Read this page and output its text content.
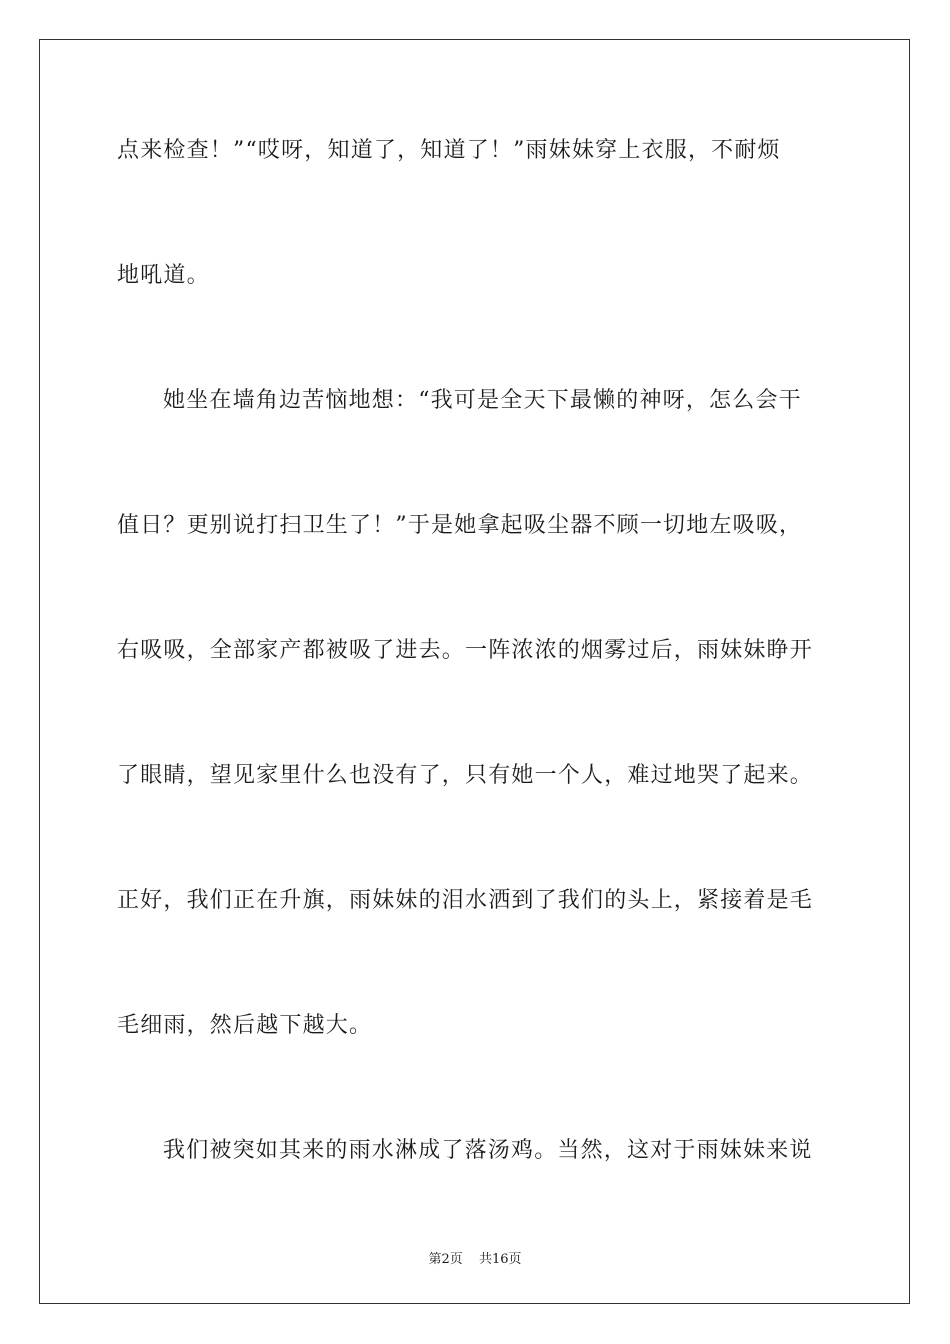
点来检查！”“哎呀，知道了，知道了！”雨妹妹穿上衣服，不耐烦
地吼道。
她坐在墙角边苦恼地想：“我可是全天下最懒的神呀，怎么会干
值日？更别说打扫卫生了！”于是她拿起吸尘器不顾一切地左吸吸，
右吸吸，全部家产都被吸了进去。一阵浓浓的烟雾过后，雨妹妹睁开
了眼睛，望见家里什么也没有了，只有她一个人，难过地哭了起来。
正好，我们正在升旗，雨妹妹的泪水洒到了我们的头上，紧接着是毛
毛细雨，然后越下越大。
我们被突如其来的雨水淋成了落汤鸡。当然，这对于雨妹妹来说
第2页 共16页
